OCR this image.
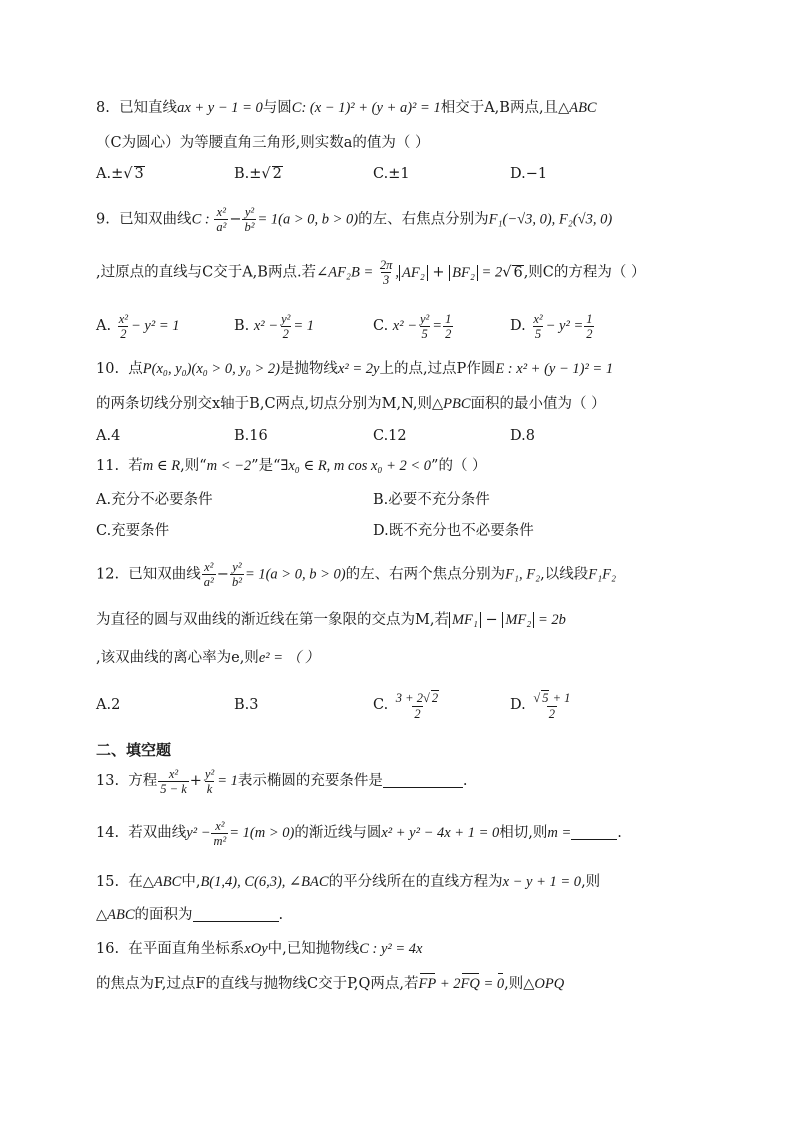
8. 已知直线ax + y − 1 = 0与圆C: (x − 1)² + (y + a)² = 1相交于A,B两点,且△ABC
（C为圆心）为等腰直角三角形,则实数a的值为（ ）
A.±√ 3	B.±√ 2	C.±1	D.−1
9. 已知双曲线C : $\frac{\text{x²}}{\text{a²}} - \frac{\text{y²}}{\text{b²}} = 1(a > 0$, b > 0)的左、右焦点分别为F₁(−√3, 0), F₂(√3, 0)
,过原点的直线与C交于A,B两点.若∠AF₂B = $\frac{2\pi}{3}$ , AF₂ + BF₂ = 2√ 6,则C的方程为（ ）
A. $\frac{\text{x²}}{2} - y^2 = 1$	B. $x^2 - \frac{\text{y²}}{2} = 1$	C. $x^2 - \frac{\text{y²}}{5} = \frac{1}{2}$	D. $\frac{\text{x²}}{5} - y^2 = \frac{1}{2}$
10. 点P(x₀, y₀)(x₀ > 0, y₀ > 2)是抛物线x² = 2y上的点,过点P作圆E : x² + (y − 1)² = 1
的两条切线分别交x轴于B,C两点,切点分别为M,N,则△PBC面积的最小值为（ ）
A.4	B.16	C.12	D.8
11. 若m ∈ R,则“m < −2”是“∃x₀ ∈ R, m cos x₀ + 2 < 0”的（ ）
A.充分不必要条件	B.必要不充分条件
C.充要条件	D.既不充分也不必要条件
12. 已知双曲线 $\frac{\text{x²}}{\text{a²}} - \frac{\text{y²}}{\text{b²}} = 1(a > 0$, b > 0)的左、右两个焦点分别为F₁, F₂,以线段F₁F₂
为直径的圆与双曲线的渐近线在第一象限的交点为M,若 MF₁ − MF₂ = 2b
,该双曲线的离心率为e,则e² = （ ）
A.2	B.3	C. $\frac{3 + 2√ 2}{2}$	D. $\frac{√ 5 + 1}{2}$
二、填空题
13. 方程 $\frac{\text{x²}}{5 - k} + \frac{\text{y²}}{k} = 1$表示椭圆的充要条件是	.
14. 若双曲线$y^2 - \frac{\text{x²}}{\text{m²}} = 1(m > 0)$的渐近线与圆x² + y² − 4x + 1 = 0相切,则m =	.
15. 在△ABC中,B(1,4), C(6,3), ∠BAC的平分线所在的直线方程为x − y + 1 = 0,则
△ABC的面积为	.
16. 在平面直角坐标系xOy中,已知抛物线C : y² = 4x
的焦点为F,过点F的直线与抛物线C交于P,Q两点,若FP + 2FQ = 0,则△OPQ
